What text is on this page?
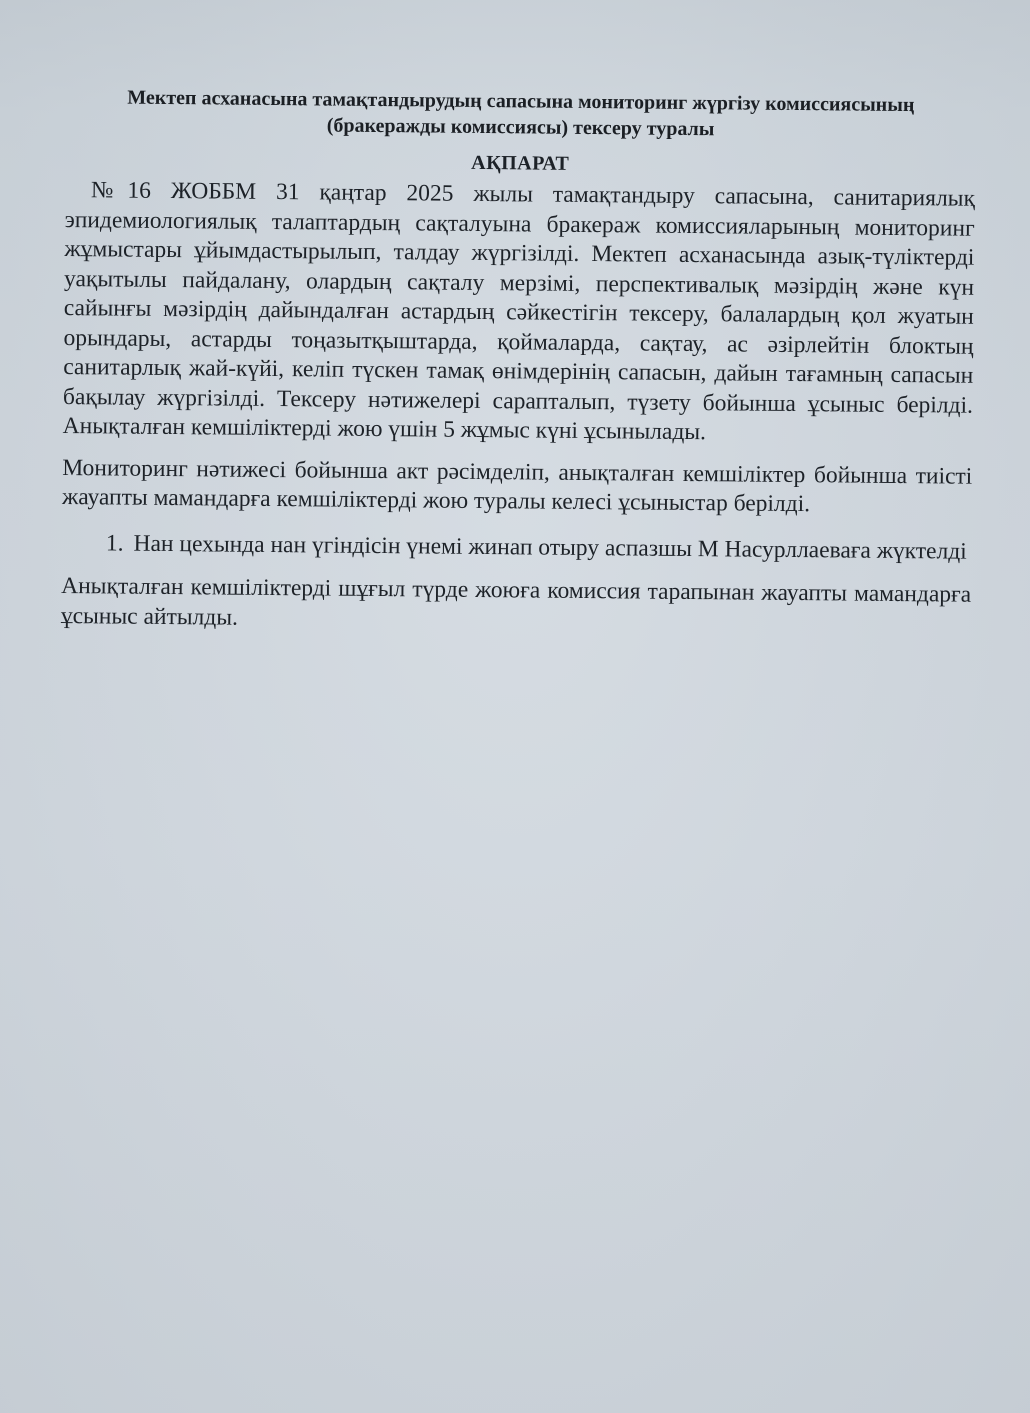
Мектеп асханасына тамақтандырудың сапасына мониторинг жүргізу комиссиясының

(бракеражды комиссиясы) тексеру туралы

АҚПАРАТ

№16 ЖОББМ 31 қаңтар 2025 жылы тамақтандыру сапасына, санитариялық эпидемиологиялық талаптардың сақталуына бракераж комиссияларының мониторинг жұмыстары ұйымдастырылып, талдау жүргізілді. Мектеп асханасында азық-түліктерді уақытылы пайдалану, олардың сақталу мерзімі, перспективалық мәзірдің және күн сайынғы мәзірдің дайындалған астардың сәйкестігін тексеру, балалардың қол жуатын орындары, астарды тоңазытқыштарда, қоймаларда, сақтау, ас әзірлейтін блоктың санитарлық жай-күйі, келіп түскен тамақ өнімдерінің сапасын, дайын тағамның сапасын бақылау жүргізілді. Тексеру нәтижелері сарапталып, түзету бойынша ұсыныс берілді. Анықталған кемшіліктерді жою үшін 5 жұмыс күні ұсынылады.

Мониторинг нәтижесі бойынша акт рәсімделіп, анықталған кемшіліктер бойынша тиісті жауапты мамандарға кемшіліктерді жою туралы келесі ұсыныстар берілді.

1. Нан цехында нан үгіндісін үнемі жинап отыру аспазшы М Насурллаеваға жүктелді

Анықталған кемшіліктерді шұғыл түрде жоюға комиссия тарапынан жауапты мамандарға ұсыныс айтылды.
